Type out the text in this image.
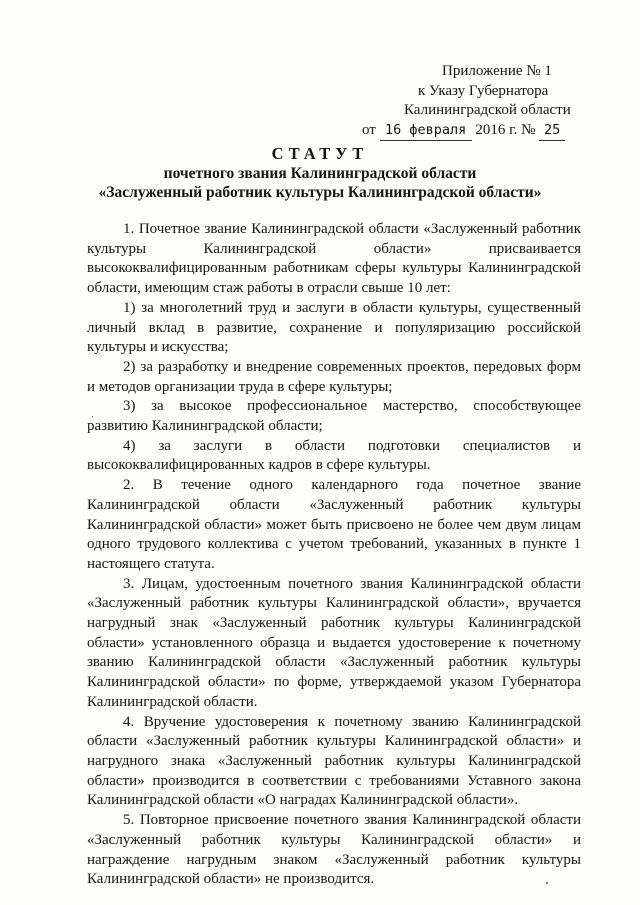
Приложение № 1
к Указу Губернатора
Калининградской области
от 16 февраля 2016 г. № 25
СТАТУТ
почетного звания Калининградской области
«Заслуженный работник культуры Калининградской области»

1. Почетное звание Калининградской области «Заслуженный работник культуры Калининградской области» присваивается высококвалифицированным работникам сферы культуры Калининградской области, имеющим стаж работы в отрасли свыше 10 лет:

1) за многолетний труд и заслуги в области культуры, существенный личный вклад в развитие, сохранение и популяризацию российской культуры и искусства;

2) за разработку и внедрение современных проектов, передовых форм и методов организации труда в сфере культуры;

3) за высокое профессиональное мастерство, способствующее развитию Калининградской области;

4) за заслуги в области подготовки специалистов и высококвалифицированных кадров в сфере культуры.

2. В течение одного календарного года почетное звание Калининградской области «Заслуженный работник культуры Калининградской области» может быть присвоено не более чем двум лицам одного трудового коллектива с учетом требований, указанных в пункте 1 настоящего статута.

3. Лицам, удостоенным почетного звания Калининградской области «Заслуженный работник культуры Калининградской области», вручается нагрудный знак «Заслуженный работник культуры Калининградской области» установленного образца и выдается удостоверение к почетному званию Калининградской области «Заслуженный работник культуры Калининградской области» по форме, утверждаемой указом Губернатора Калининградской области.

4. Вручение удостоверения к почетному званию Калининградской области «Заслуженный работник культуры Калининградской области» и нагрудного знака «Заслуженный работник культуры Калининградской области» производится в соответствии с требованиями Уставного закона Калининградской области «О наградах Калининградской области».

5. Повторное присвоение почетного звания Калининградской области «Заслуженный работник культуры Калининградской области» и награждение нагрудным знаком «Заслуженный работник культуры Калининградской области» не производится.
